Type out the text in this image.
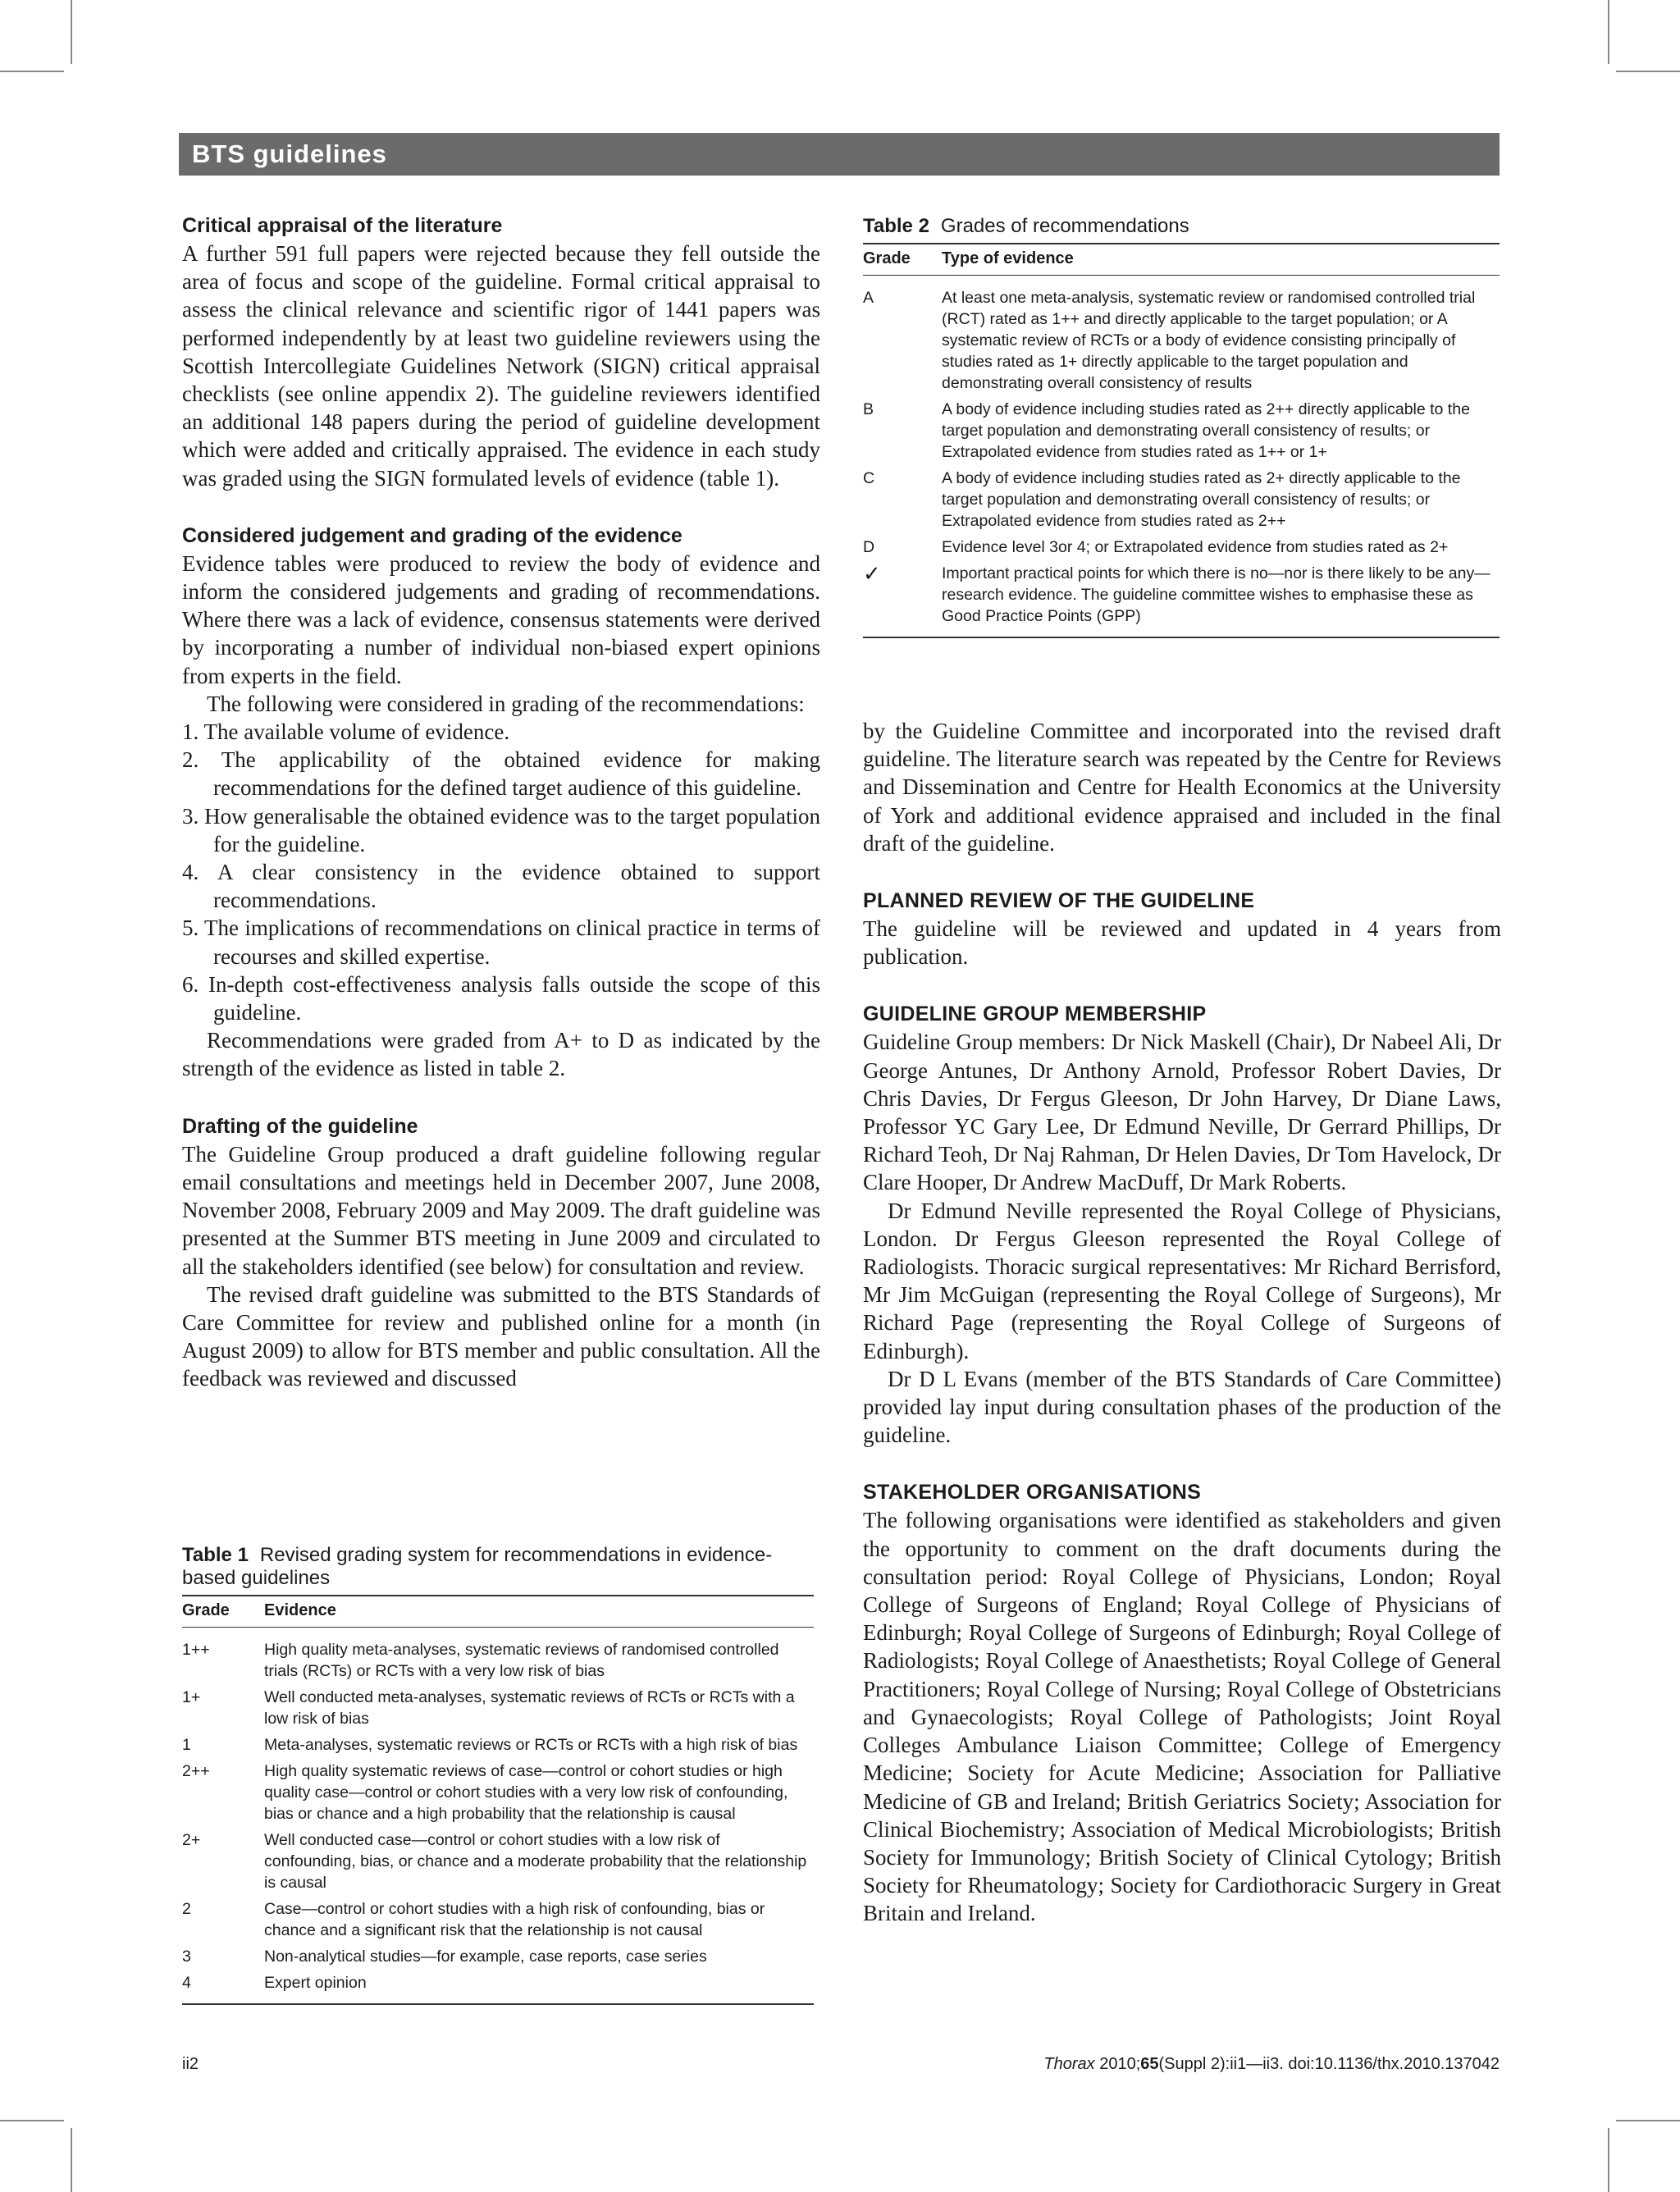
BTS guidelines
Critical appraisal of the literature

A further 591 full papers were rejected because they fell outside the area of focus and scope of the guideline. Formal critical appraisal to assess the clinical relevance and scientific rigor of 1441 papers was performed independently by at least two guideline reviewers using the Scottish Intercollegiate Guidelines Network (SIGN) critical appraisal checklists (see online appendix 2). The guideline reviewers identified an additional 148 papers during the period of guideline development which were added and critically appraised. The evidence in each study was graded using the SIGN formulated levels of evidence (table 1).

Considered judgement and grading of the evidence

Evidence tables were produced to review the body of evidence and inform the considered judgements and grading of recommendations. Where there was a lack of evidence, consensus statements were derived by incorporating a number of individual non-biased expert opinions from experts in the field.

The following were considered in grading of the recommendations:

1. The available volume of evidence.
2. The applicability of the obtained evidence for making recommendations for the defined target audience of this guideline.
3. How generalisable the obtained evidence was to the target population for the guideline.
4. A clear consistency in the evidence obtained to support recommendations.
5. The implications of recommendations on clinical practice in terms of recourses and skilled expertise.
6. In-depth cost-effectiveness analysis falls outside the scope of this guideline.

Recommendations were graded from A+ to D as indicated by the strength of the evidence as listed in table 2.

Drafting of the guideline

The Guideline Group produced a draft guideline following regular email consultations and meetings held in December 2007, June 2008, November 2008, February 2009 and May 2009. The draft guideline was presented at the Summer BTS meeting in June 2009 and circulated to all the stakeholders identified (see below) for consultation and review.

The revised draft guideline was submitted to the BTS Standards of Care Committee for review and published online for a month (in August 2009) to allow for BTS member and public consultation. All the feedback was reviewed and discussed

Table 1 Revised grading system for recommendations in evidence-based guidelines

Grade	Evidence
1++	High quality meta-analyses, systematic reviews of randomised controlled trials (RCTs) or RCTs with a very low risk of bias
1+	Well conducted meta-analyses, systematic reviews of RCTs or RCTs with a low risk of bias
1	Meta-analyses, systematic reviews or RCTs or RCTs with a high risk of bias
2++	High quality systematic reviews of case—control or cohort studies or high quality case—control or cohort studies with a very low risk of confounding, bias or chance and a high probability that the relationship is causal
2+	Well conducted case—control or cohort studies with a low risk of confounding, bias, or chance and a moderate probability that the relationship is causal
2	Case—control or cohort studies with a high risk of confounding, bias or chance and a significant risk that the relationship is not causal
3	Non-analytical studies—for example, case reports, case series
4	Expert opinion

Table 2 Grades of recommendations

Grade	Type of evidence
A	At least one meta-analysis, systematic review or randomised controlled trial (RCT) rated as 1++ and directly applicable to the target population; or A systematic review of RCTs or a body of evidence consisting principally of studies rated as 1+ directly applicable to the target population and demonstrating overall consistency of results
B	A body of evidence including studies rated as 2++ directly applicable to the target population and demonstrating overall consistency of results; or Extrapolated evidence from studies rated as 1++ or 1+
C	A body of evidence including studies rated as 2+ directly applicable to the target population and demonstrating overall consistency of results; or Extrapolated evidence from studies rated as 2++
D	Evidence level 3or 4; or Extrapolated evidence from studies rated as 2+
✓	Important practical points for which there is no—nor is there likely to be any—research evidence. The guideline committee wishes to emphasise these as Good Practice Points (GPP)

by the Guideline Committee and incorporated into the revised draft guideline. The literature search was repeated by the Centre for Reviews and Dissemination and Centre for Health Economics at the University of York and additional evidence appraised and included in the final draft of the guideline.

PLANNED REVIEW OF THE GUIDELINE

The guideline will be reviewed and updated in 4 years from publication.

GUIDELINE GROUP MEMBERSHIP

Guideline Group members: Dr Nick Maskell (Chair), Dr Nabeel Ali, Dr George Antunes, Dr Anthony Arnold, Professor Robert Davies, Dr Chris Davies, Dr Fergus Gleeson, Dr John Harvey, Dr Diane Laws, Professor YC Gary Lee, Dr Edmund Neville, Dr Gerrard Phillips, Dr Richard Teoh, Dr Naj Rahman, Dr Helen Davies, Dr Tom Havelock, Dr Clare Hooper, Dr Andrew MacDuff, Dr Mark Roberts.

Dr Edmund Neville represented the Royal College of Physicians, London. Dr Fergus Gleeson represented the Royal College of Radiologists. Thoracic surgical representatives: Mr Richard Berrisford, Mr Jim McGuigan (representing the Royal College of Surgeons), Mr Richard Page (representing the Royal College of Surgeons of Edinburgh).

Dr D L Evans (member of the BTS Standards of Care Committee) provided lay input during consultation phases of the production of the guideline.

STAKEHOLDER ORGANISATIONS

The following organisations were identified as stakeholders and given the opportunity to comment on the draft documents during the consultation period: Royal College of Physicians, London; Royal College of Surgeons of England; Royal College of Physicians of Edinburgh; Royal College of Surgeons of Edinburgh; Royal College of Radiologists; Royal College of Anaesthetists; Royal College of General Practitioners; Royal College of Nursing; Royal College of Obstetricians and Gynaecologists; Royal College of Pathologists; Joint Royal Colleges Ambulance Liaison Committee; College of Emergency Medicine; Society for Acute Medicine; Association for Palliative Medicine of GB and Ireland; British Geriatrics Society; Association for Clinical Biochemistry; Association of Medical Microbiologists; British Society for Immunology; British Society of Clinical Cytology; British Society for Rheumatology; Society for Cardiothoracic Surgery in Great Britain and Ireland.

ii2	Thorax 2010;65(Suppl 2):ii1—ii3. doi:10.1136/thx.2010.137042
